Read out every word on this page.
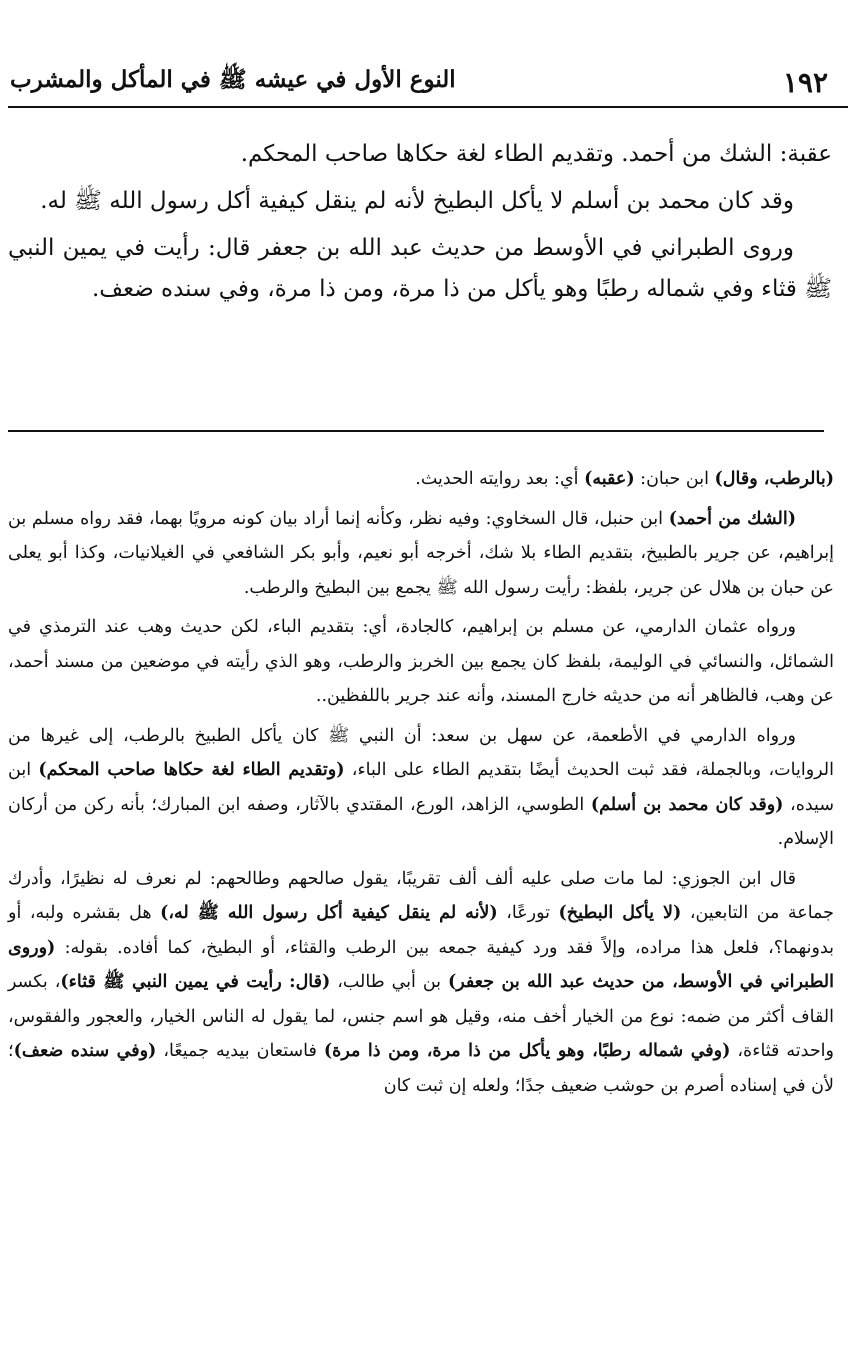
١٩٢
النوع الأول في عيشه ﷺ في المأكل والمشرب

عقبة: الشك من أحمد. وتقديم الطاء لغة حكاها صاحب المحكم.

وقد كان محمد بن أسلم لا يأكل البطيخ لأنه لم ينقل كيفية أكل رسول الله ﷺ له.

وروى الطبراني في الأوسط من حديث عبد الله بن جعفر قال: رأيت في يمين النبي ﷺ قثاء وفي شماله رطبًا وهو يأكل من ذا مرة، ومن ذا مرة، وفي سنده ضعف.

(بالرطب، وقال) ابن حبان: (عقبه) أي: بعد روايته الحديث.

(الشك من أحمد) ابن حنبل، قال السخاوي: وفيه نظر، وكأنه إنما أراد بيان كونه مرويًا بهما، فقد رواه مسلم بن إبراهيم، عن جرير بالطبيخ، بتقديم الطاء بلا شك، أخرجه أبو نعيم، وأبو بكر الشافعي في الغيلانيات، وكذا أبو يعلى عن حبان بن هلال عن جرير، بلفظ: رأيت رسول الله ﷺ يجمع بين البطيخ والرطب.

ورواه عثمان الدارمي، عن مسلم بن إبراهيم، كالجادة، أي: بتقديم الباء، لكن حديث وهب عند الترمذي في الشمائل، والنسائي في الوليمة، بلفظ كان يجمع بين الخربز والرطب، وهو الذي رأيته في موضعين من مسند أحمد، عن وهب، فالظاهر أنه من حديثه خارج المسند، وأنه عند جرير باللفظين..

ورواه الدارمي في الأطعمة، عن سهل بن سعد: أن النبي ﷺ كان يأكل الطبيخ بالرطب، إلى غيرها من الروايات، وبالجملة، فقد ثبت الحديث أيضًا بتقديم الطاء على الباء، (وتقديم الطاء لغة حكاها صاحب المحكم) ابن سيده، (وقد كان محمد بن أسلم) الطوسي، الزاهد، الورع، المقتدي بالآثار، وصفه ابن المبارك؛ بأنه ركن من أركان الإسلام.

قال ابن الجوزي: لما مات صلى عليه ألف ألف تقريبًا، يقول صالحهم وطالحهم: لم نعرف له نظيرًا، وأدرك جماعة من التابعين، (لا يأكل البطيخ) تورعًا، (لأنه لم ينقل كيفية أكل رسول الله ﷺ له،) هل بقشره ولبه، أو بدونهما؟، فلعل هذا مراده، وإلاً فقد ورد كيفية جمعه بين الرطب والقثاء، أو البطيخ، كما أفاده. بقوله: (وروى الطبراني في الأوسط، من حديث عبد الله بن جعفر) بن أبي طالب، (قال: رأيت في يمين النبي ﷺ قثاء)، بكسر القاف أكثر من ضمه: نوع من الخيار أخف منه، وقيل هو اسم جنس، لما يقول له الناس الخيار، والعجور والفقوس، واحدته قثاءة، (وفي شماله رطبًا، وهو يأكل من ذا مرة، ومن ذا مرة) فاستعان بيديه جميعًا، (وفي سنده ضعف)؛ لأن في إسناده أصرم بن حوشب ضعيف جدًا؛ ولعله إن ثبت كان
